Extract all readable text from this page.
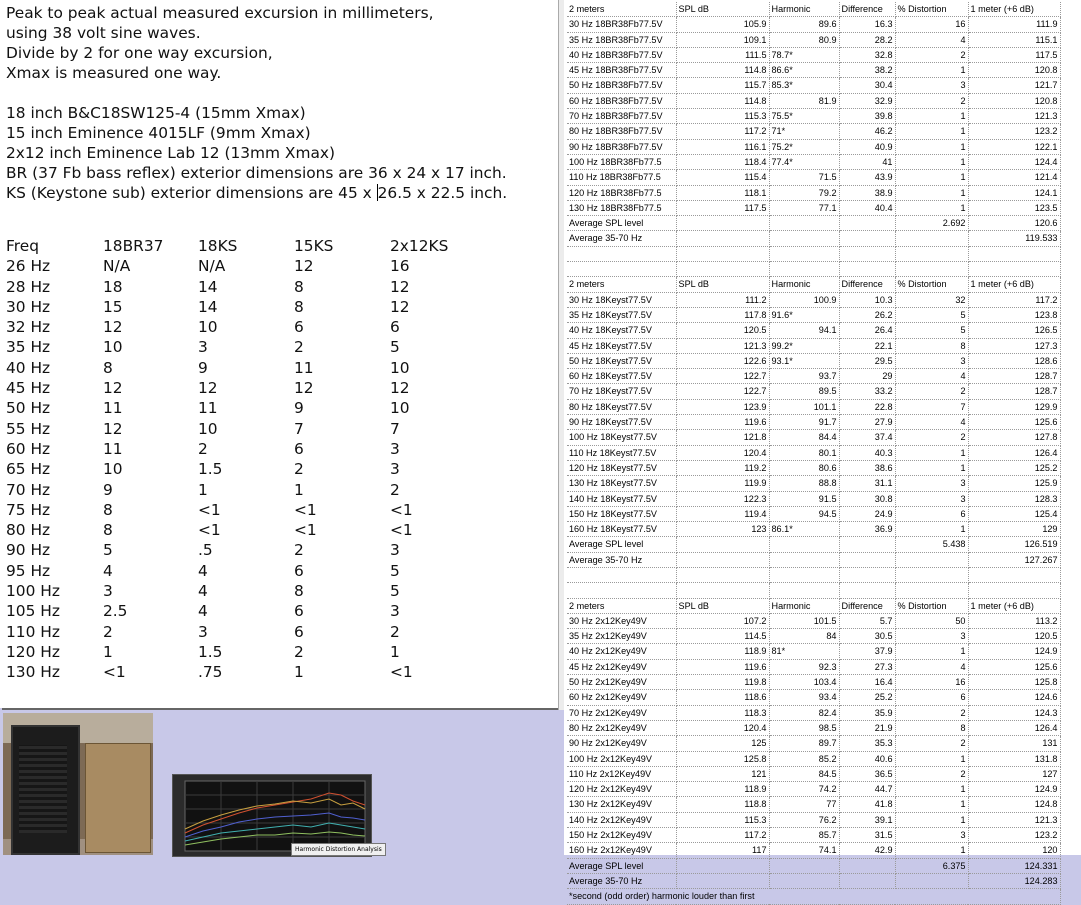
Peak to peak actual measured excursion in millimeters,
using 38 volt sine waves.
Divide by 2 for one way excursion,
Xmax is measured one way.

18 inch B&C18SW125-4 (15mm Xmax)
15 inch Eminence 4015LF (9mm Xmax)
2x12 inch Eminence Lab 12 (13mm Xmax)
BR (37 Fb bass reflex) exterior dimensions are 36 x 24 x 17 inch.
KS (Keystone sub) exterior dimensions are 45 x 26.5 x 22.5 inch.
Freq	18BR37	18KS	15KS	2x12KS
26 Hz	N/A	N/A	12	16
28 Hz	18	14	8	12
30 Hz	15	14	8	12
32 Hz	12	10	6	6
35 Hz	10	3	2	5
40 Hz	8	9	11	10
45 Hz	12	12	12	12
50 Hz	11	11	9	10
55 Hz	12	10	7	7
60 Hz	11	2	6	3
65 Hz	10	1.5	2	3
70 Hz	9	1	1	2
75 Hz	8	<1	<1	<1
80 Hz	8	<1	<1	<1
90 Hz	5	.5	2	3
95 Hz	4	4	6	5
100 Hz	3	4	8	5
105 Hz	2.5	4	6	3
110 Hz	2	3	6	2
120 Hz	1	1.5	2	1
130 Hz	<1	.75	1	<1
Harmonic Distortion Analysis
2 meters	SPL dB	Harmonic	Difference	% Distortion	1 meter (+6 dB)
30 Hz 18BR38Fb77.5V	105.9	89.6	16.3	16	111.9
35 Hz 18BR38Fb77.5V	109.1	80.9	28.2	4	115.1
40 Hz 18BR38Fb77.5V	111.5	78.7*	32.8	2	117.5
45 Hz 18BR38Fb77.5V	114.8	86.6*	38.2	1	120.8
50 Hz 18BR38Fb77.5V	115.7	85.3*	30.4	3	121.7
60 Hz 18BR38Fb77.5V	114.8	81.9	32.9	2	120.8
70 Hz 18BR38Fb77.5V	115.3	75.5*	39.8	1	121.3
80 Hz 18BR38Fb77.5V	117.2	71*	46.2	1	123.2
90 Hz 18BR38Fb77.5V	116.1	75.2*	40.9	1	122.1
100 Hz 18BR38Fb77.5	118.4	77.4*	41	1	124.4
110 Hz 18BR38Fb77.5	115.4	71.5	43.9	1	121.4
120 Hz 18BR38Fb77.5	118.1	79.2	38.9	1	124.1
130 Hz 18BR38Fb77.5	117.5	77.1	40.4	1	123.5
Average SPL level				2.692	120.6
Average 35-70 Hz					119.533

2 meters	SPL dB	Harmonic	Difference	% Distortion	1 meter (+6 dB)
30 Hz 18Keyst77.5V	111.2	100.9	10.3	32	117.2
35 Hz 18Keyst77.5V	117.8	91.6*	26.2	5	123.8
40 Hz 18Keyst77.5V	120.5	94.1	26.4	5	126.5
45 Hz 18Keyst77.5V	121.3	99.2*	22.1	8	127.3
50 Hz 18Keyst77.5V	122.6	93.1*	29.5	3	128.6
60 Hz 18Keyst77.5V	122.7	93.7	29	4	128.7
70 Hz 18Keyst77.5V	122.7	89.5	33.2	2	128.7
80 Hz 18Keyst77.5V	123.9	101.1	22.8	7	129.9
90 Hz 18Keyst77.5V	119.6	91.7	27.9	4	125.6
100 Hz 18Keyst77.5V	121.8	84.4	37.4	2	127.8
110 Hz 18Keyst77.5V	120.4	80.1	40.3	1	126.4
120 Hz 18Keyst77.5V	119.2	80.6	38.6	1	125.2
130 Hz 18Keyst77.5V	119.9	88.8	31.1	3	125.9
140 Hz 18Keyst77.5V	122.3	91.5	30.8	3	128.3
150 Hz 18Keyst77.5V	119.4	94.5	24.9	6	125.4
160 Hz 18Keyst77.5V	123	86.1*	36.9	1	129
Average SPL level				5.438	126.519
Average 35-70 Hz					127.267

2 meters	SPL dB	Harmonic	Difference	% Distortion	1 meter (+6 dB)
30 Hz 2x12Key49V	107.2	101.5	5.7	50	113.2
35 Hz 2x12Key49V	114.5	84	30.5	3	120.5
40 Hz 2x12Key49V	118.9	81*	37.9	1	124.9
45 Hz 2x12Key49V	119.6	92.3	27.3	4	125.6
50 Hz 2x12Key49V	119.8	103.4	16.4	16	125.8
60 Hz 2x12Key49V	118.6	93.4	25.2	6	124.6
70 Hz 2x12Key49V	118.3	82.4	35.9	2	124.3
80 Hz 2x12Key49V	120.4	98.5	21.9	8	126.4
90 Hz 2x12Key49V	125	89.7	35.3	2	131
100 Hz 2x12Key49V	125.8	85.2	40.6	1	131.8
110 Hz 2x12Key49V	121	84.5	36.5	2	127
120 Hz 2x12Key49V	118.9	74.2	44.7	1	124.9
130 Hz 2x12Key49V	118.8	77	41.8	1	124.8
140 Hz 2x12Key49V	115.3	76.2	39.1	1	121.3
150 Hz 2x12Key49V	117.2	85.7	31.5	3	123.2
160 Hz 2x12Key49V	117	74.1	42.9	1	120
Average SPL level				6.375	124.331
Average 35-70 Hz					124.283
*second (odd order) harmonic louder than first					
